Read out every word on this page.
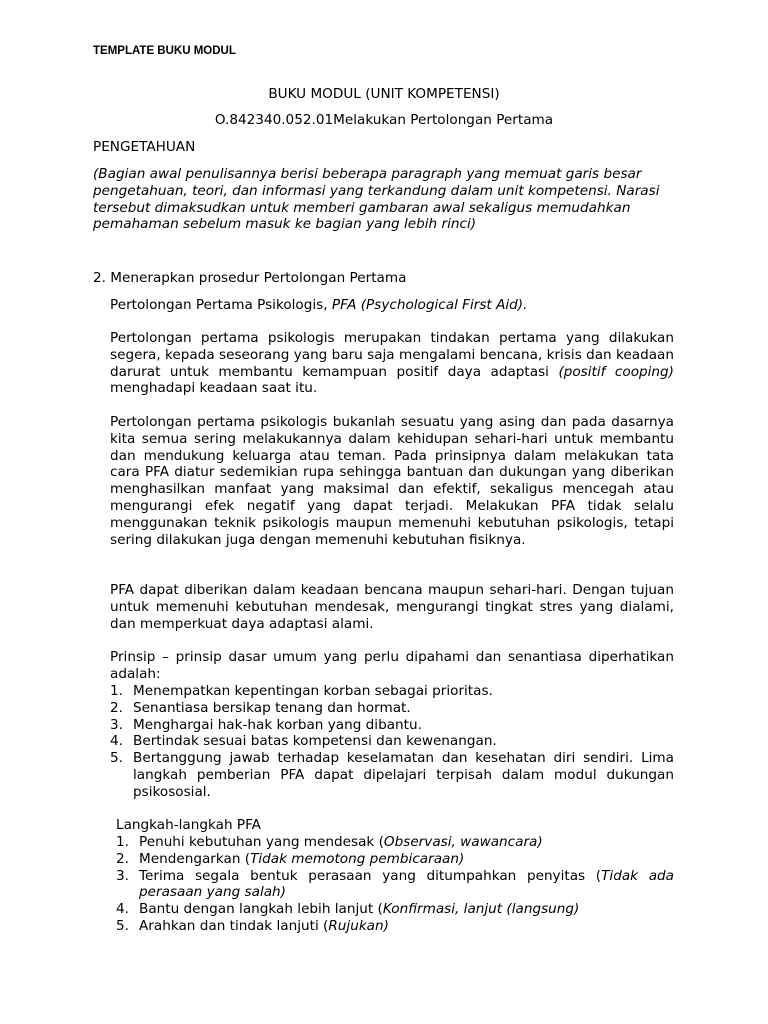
TEMPLATE BUKU MODUL
BUKU MODUL (UNIT KOMPETENSI)
O.842340.052.01Melakukan Pertolongan Pertama
PENGETAHUAN

(Bagian awal penulisannya berisi beberapa paragraph yang memuat garis besar pengetahuan, teori, dan informasi yang terkandung dalam unit kompetensi. Narasi tersebut dimaksudkan untuk memberi gambaran awal sekaligus memudahkan pemahaman sebelum masuk ke bagian yang lebih rinci)

2. Menerapkan prosedur Pertolongan Pertama

Pertolongan Pertama Psikologis, PFA (Psychological First Aid).

Pertolongan pertama psikologis merupakan tindakan pertama yang dilakukan segera, kepada seseorang yang baru saja mengalami bencana, krisis dan keadaan darurat untuk membantu kemampuan positif daya adaptasi (positif cooping) menghadapi keadaan saat itu.

Pertolongan pertama psikologis bukanlah sesuatu yang asing dan pada dasarnya kita semua sering melakukannya dalam kehidupan sehari-hari untuk membantu dan mendukung keluarga atau teman. Pada prinsipnya dalam melakukan tata cara PFA diatur sedemikian rupa sehingga bantuan dan dukungan yang diberikan menghasilkan manfaat yang maksimal dan efektif, sekaligus mencegah atau mengurangi efek negatif yang dapat terjadi. Melakukan PFA tidak selalu menggunakan teknik psikologis maupun memenuhi kebutuhan psikologis, tetapi sering dilakukan juga dengan memenuhi kebutuhan fisiknya.

PFA dapat diberikan dalam keadaan bencana maupun sehari-hari. Dengan tujuan untuk memenuhi kebutuhan mendesak, mengurangi tingkat stres yang dialami, dan memperkuat daya adaptasi alami.

Prinsip – prinsip dasar umum yang perlu dipahami dan senantiasa diperhatikan adalah:

1. Menempatkan kepentingan korban sebagai prioritas.
2. Senantiasa bersikap tenang dan hormat.
3. Menghargai hak-hak korban yang dibantu.
4. Bertindak sesuai batas kompetensi dan kewenangan.
5. Bertanggung jawab terhadap keselamatan dan kesehatan diri sendiri. Lima langkah pemberian PFA dapat dipelajari terpisah dalam modul dukungan psikososial.
Langkah-langkah PFA
1. Penuhi kebutuhan yang mendesak (Observasi, wawancara)
2. Mendengarkan (Tidak memotong pembicaraan)
3. Terima segala bentuk perasaan yang ditumpahkan penyitas (Tidak ada perasaan yang salah)
4. Bantu dengan langkah lebih lanjut (Konfirmasi, lanjut (langsung)
5. Arahkan dan tindak lanjuti (Rujukan)
